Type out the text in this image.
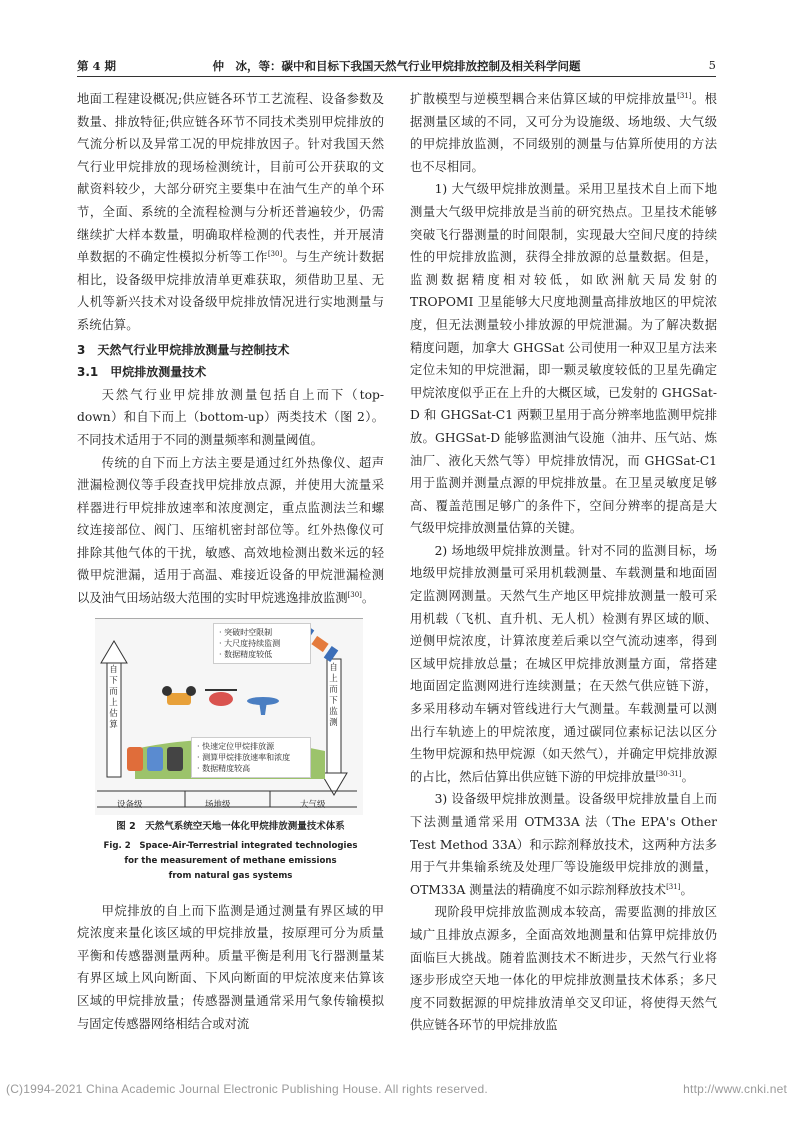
第 4 期	仲　冰，等：碳中和目标下我国天然气行业甲烷排放控制及相关科学问题	5

地面工程建设概况;供应链各环节工艺流程、设备参数及数量、排放特征;供应链各环节不同技术类别甲烷排放的气流分析以及异常工况的甲烷排放因子。针对我国天然气行业甲烷排放的现场检测统计，目前可公开获取的文献资料较少，大部分研究主要集中在油气生产的单个环节，全面、系统的全流程检测与分析还普遍较少，仍需继续扩大样本数量，明确取样检测的代表性，并开展清单数据的不确定性模拟分析等工作[30]。与生产统计数据相比，设备级甲烷排放清单更难获取，须借助卫星、无人机等新兴技术对设备级甲烷排放情况进行实地测量与系统估算。

3　天然气行业甲烷排放测量与控制技术

3.1　甲烷排放测量技术

天然气行业甲烷排放测量包括自上而下（top-down）和自下而上（bottom-up）两类技术（图 2）。不同技术适用于不同的测量频率和测量阈值。

传统的自下而上方法主要是通过红外热像仪、超声泄漏检测仪等手段查找甲烷排放点源，并使用大流量采样器进行甲烷排放速率和浓度测定，重点监测法兰和螺纹连接部位、阀门、压缩机密封部位等。红外热像仪可排除其他气体的干扰，敏感、高效地检测出数米远的轻微甲烷泄漏，适用于高温、难接近设备的甲烷泄漏检测以及油气田场站级大范围的实时甲烷逃逸排放监测[30]。

· 突破时空限制
· 大尺度持续监测
· 数据精度较低
· 快速定位甲烷排放源
· 测算甲烷排放速率和浓度
· 数据精度较高
自下而上估算
自上而下监测
设备级	场地级	大气级
图 2　天然气系统空天地一体化甲烷排放测量技术体系
Fig. 2　Space-Air-Terrestrial integrated technologies
for the measurement of methane emissions
from natural gas systems

甲烷排放的自上而下监测是通过测量有界区域的甲烷浓度来量化该区域的甲烷排放量，按原理可分为质量平衡和传感器测量两种。质量平衡是利用飞行器测量某有界区域上风向断面、下风向断面的甲烷浓度来估算该区域的甲烷排放量；传感器测量通常采用气象传输模拟与固定传感器网络相结合或对流

扩散模型与逆模型耦合来估算区域的甲烷排放量[31]。根据测量区域的不同，又可分为设施级、场地级、大气级的甲烷排放监测，不同级别的测量与估算所使用的方法也不尽相同。

1) 大气级甲烷排放测量。采用卫星技术自上而下地测量大气级甲烷排放是当前的研究热点。卫星技术能够突破飞行器测量的时间限制，实现最大空间尺度的持续性的甲烷排放监测，获得全排放源的总量数据。但是，监测数据精度相对较低，如欧洲航天局发射的 TROPOMI 卫星能够大尺度地测量高排放地区的甲烷浓度，但无法测量较小排放源的甲烷泄漏。为了解决数据精度问题，加拿大 GHGSat 公司使用一种双卫星方法来定位未知的甲烷泄漏，即一颗灵敏度较低的卫星先确定甲烷浓度似乎正在上升的大概区域，已发射的 GHGSat-D 和 GHGSat-C1 两颗卫星用于高分辨率地监测甲烷排放。GHGSat-D 能够监测油气设施（油井、压气站、炼油厂、液化天然气等）甲烷排放情况，而 GHGSat-C1 用于监测并测量点源的甲烷排放量。在卫星灵敏度足够高、覆盖范围足够广的条件下，空间分辨率的提高是大气级甲烷排放测量估算的关键。

2) 场地级甲烷排放测量。针对不同的监测目标，场地级甲烷排放测量可采用机载测量、车载测量和地面固定监测网测量。天然气生产地区甲烷排放测量一般可采用机载（飞机、直升机、无人机）检测有界区域的顺、逆侧甲烷浓度，计算浓度差后乘以空气流动速率，得到区域甲烷排放总量；在城区甲烷排放测量方面，常搭建地面固定监测网进行连续测量；在天然气供应链下游，多采用移动车辆对管线进行大气测量。车载测量可以测出行车轨迹上的甲烷浓度，通过碳同位素标记法以区分生物甲烷源和热甲烷源（如天然气），并确定甲烷排放源的占比，然后估算出供应链下游的甲烷排放量[30-31]。

3) 设备级甲烷排放测量。设备级甲烷排放量自上而下法测量通常采用 OTM33A 法（The EPA's Other Test Method 33A）和示踪剂释放技术，这两种方法多用于气井集输系统及处理厂等设施级甲烷排放的测量，OTM33A 测量法的精确度不如示踪剂释放技术[31]。

现阶段甲烷排放监测成本较高，需要监测的排放区域广且排放点源多，全面高效地测量和估算甲烷排放仍面临巨大挑战。随着监测技术不断进步，天然气行业将逐步形成空天地一体化的甲烷排放测量技术体系；多尺度不同数据源的甲烷排放清单交叉印证，将使得天然气供应链各环节的甲烷排放监

(C)1994-2021 China Academic Journal Electronic Publishing House. All rights reserved.	http://www.cnki.net
